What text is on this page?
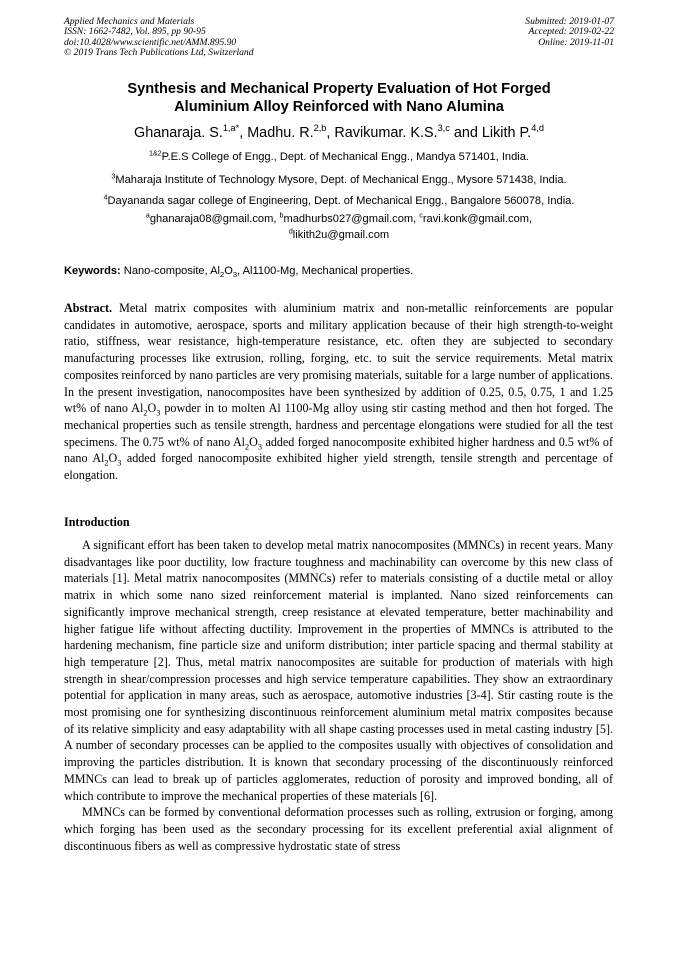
Applied Mechanics and Materials
ISSN: 1662-7482, Vol. 895, pp 90-95
doi:10.4028/www.scientific.net/AMM.895.90
© 2019 Trans Tech Publications Ltd, Switzerland
Submitted: 2019-01-07
Accepted: 2019-02-22
Online: 2019-11-01
Synthesis and Mechanical Property Evaluation of Hot Forged
Aluminium Alloy Reinforced with Nano Alumina
Ghanaraja. S.$^{1,a*}$, Madhu. R.$^{2,b}$, Ravikumar. K.S.$^{3,c}$ and Likith P.$^{4,d}$
$^{1\&2}$P.E.S College of Engg., Dept. of Mechanical Engg., Mandya 571401, India.
$^3$Maharaja Institute of Technology Mysore, Dept. of Mechanical Engg., Mysore 571438, India.
$^4$Dayananda sagar college of Engineering, Dept. of Mechanical Engg., Bangalore 560078, India.
$^a$ghanaraja08@gmail.com, $^b$madhurbs027@gmail.com, $^c$ravi.konk@gmail.com,
$^d$likith2u@gmail.com
Keywords: Nano-composite, $Al_2O_3$, Al1100-Mg, Mechanical properties.

Abstract. Metal matrix composites with aluminium matrix and non-metallic reinforcements are popular candidates in automotive, aerospace, sports and military application because of their high strength-to-weight ratio, stiffness, wear resistance, high-temperature resistance, etc. often they are subjected to secondary manufacturing processes like extrusion, rolling, forging, etc. to suit the service requirements. Metal matrix composites reinforced by nano particles are very promising materials, suitable for a large number of applications. In the present investigation, nanocomposites have been synthesized by addition of 0.25, 0.5, 0.75, 1 and 1.25 wt% of nano $Al_2O_3$ powder in to molten Al 1100-Mg alloy using stir casting method and then hot forged. The mechanical properties such as tensile strength, hardness and percentage elongations were studied for all the test specimens. The 0.75 wt% of nano $Al_2O_3$ added forged nanocomposite exhibited higher hardness and 0.5 wt% of nano $Al_2O_3$ added forged nanocomposite exhibited higher yield strength, tensile strength and percentage of elongation.

Introduction

A significant effort has been taken to develop metal matrix nanocomposites (MMNCs) in recent years. Many disadvantages like poor ductility, low fracture toughness and machinability can overcome by this new class of materials [1]. Metal matrix nanocomposites (MMNCs) refer to materials consisting of a ductile metal or alloy matrix in which some nano sized reinforcement material is implanted. Nano sized reinforcements can significantly improve mechanical strength, creep resistance at elevated temperature, better machinability and higher fatigue life without affecting ductility. Improvement in the properties of MMNCs is attributed to the hardening mechanism, fine particle size and uniform distribution; inter particle spacing and thermal stability at high temperature [2]. Thus, metal matrix nanocomposites are suitable for production of materials with high strength in shear/compression processes and high service temperature capabilities. They show an extraordinary potential for application in many areas, such as aerospace, automotive industries [3-4]. Stir casting route is the most promising one for synthesizing discontinuous reinforcement aluminium metal matrix composites because of its relative simplicity and easy adaptability with all shape casting processes used in metal casting industry [5]. A number of secondary processes can be applied to the composites usually with objectives of consolidation and improving the particles distribution. It is known that secondary processing of the discontinuously reinforced MMNCs can lead to break up of particles agglomerates, reduction of porosity and improved bonding, all of which contribute to improve the mechanical properties of these materials [6].

MMNCs can be formed by conventional deformation processes such as rolling, extrusion or forging, among which forging has been used as the secondary processing for its excellent preferential axial alignment of discontinuous fibers as well as compressive hydrostatic state of stress
